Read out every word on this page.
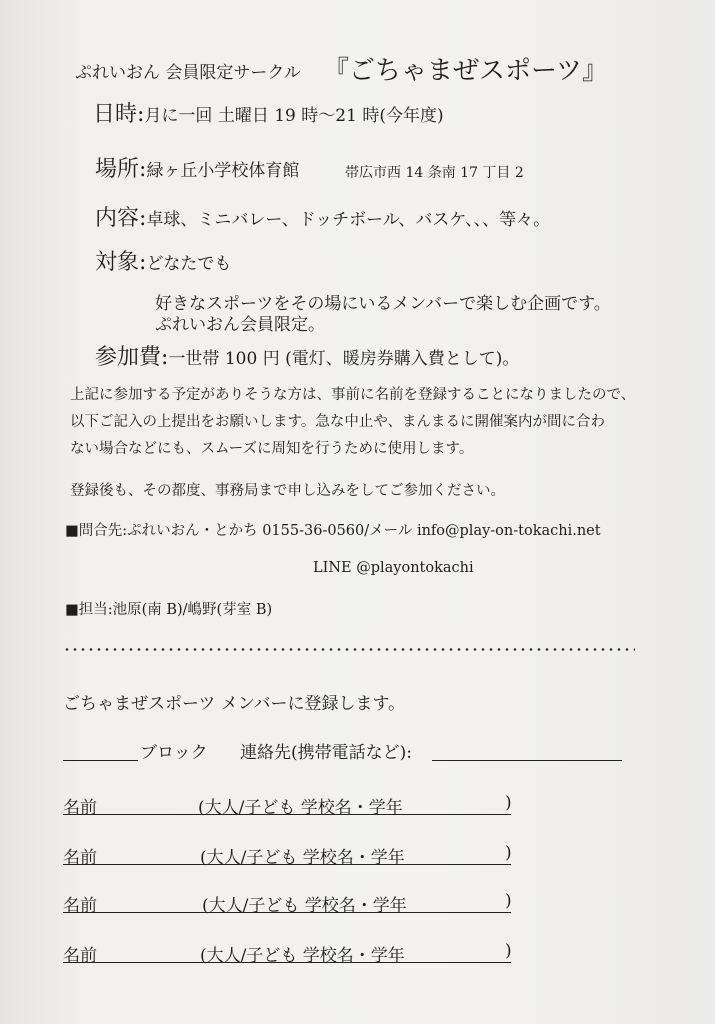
ぷれいおん 会員限定サークル 『ごちゃまぜスポーツ』
日時:月に一回 土曜日 19 時～21 時(今年度)
場所:緑ヶ丘小学校体育館	帯広市西 14 条南 17 丁目 2
内容:卓球、ミニバレー、ドッチボール、バスケ、、、等々。
対象:どなたでも
好きなスポーツをその場にいるメンバーで楽しむ企画です。
ぷれいおん会員限定。
参加費:一世帯 100 円 (電灯、暖房券購入費として)。
上記に参加する予定がありそうな方は、事前に名前を登録することになりましたので、
以下ご記入の上提出をお願いします。急な中止や、まんまるに開催案内が間に合わ
ない場合などにも、スムーズに周知を行うために使用します。
登録後も、その都度、事務局まで申し込みをしてご参加ください。
■問合先:ぷれいおん・とかち 0155-36-0560/メール info@play-on-tokachi.net
LINE @playontokachi
■担当:池原(南 B)/嶋野(芽室 B)
ごちゃまぜスポーツ メンバーに登録します。
ブロック 連絡先(携帯電話など):
名前	(大人/子ども 学校名・学年	)
名前	(大人/子ども 学校名・学年	)
名前	(大人/子ども 学校名・学年	)
名前	(大人/子ども 学校名・学年	)
